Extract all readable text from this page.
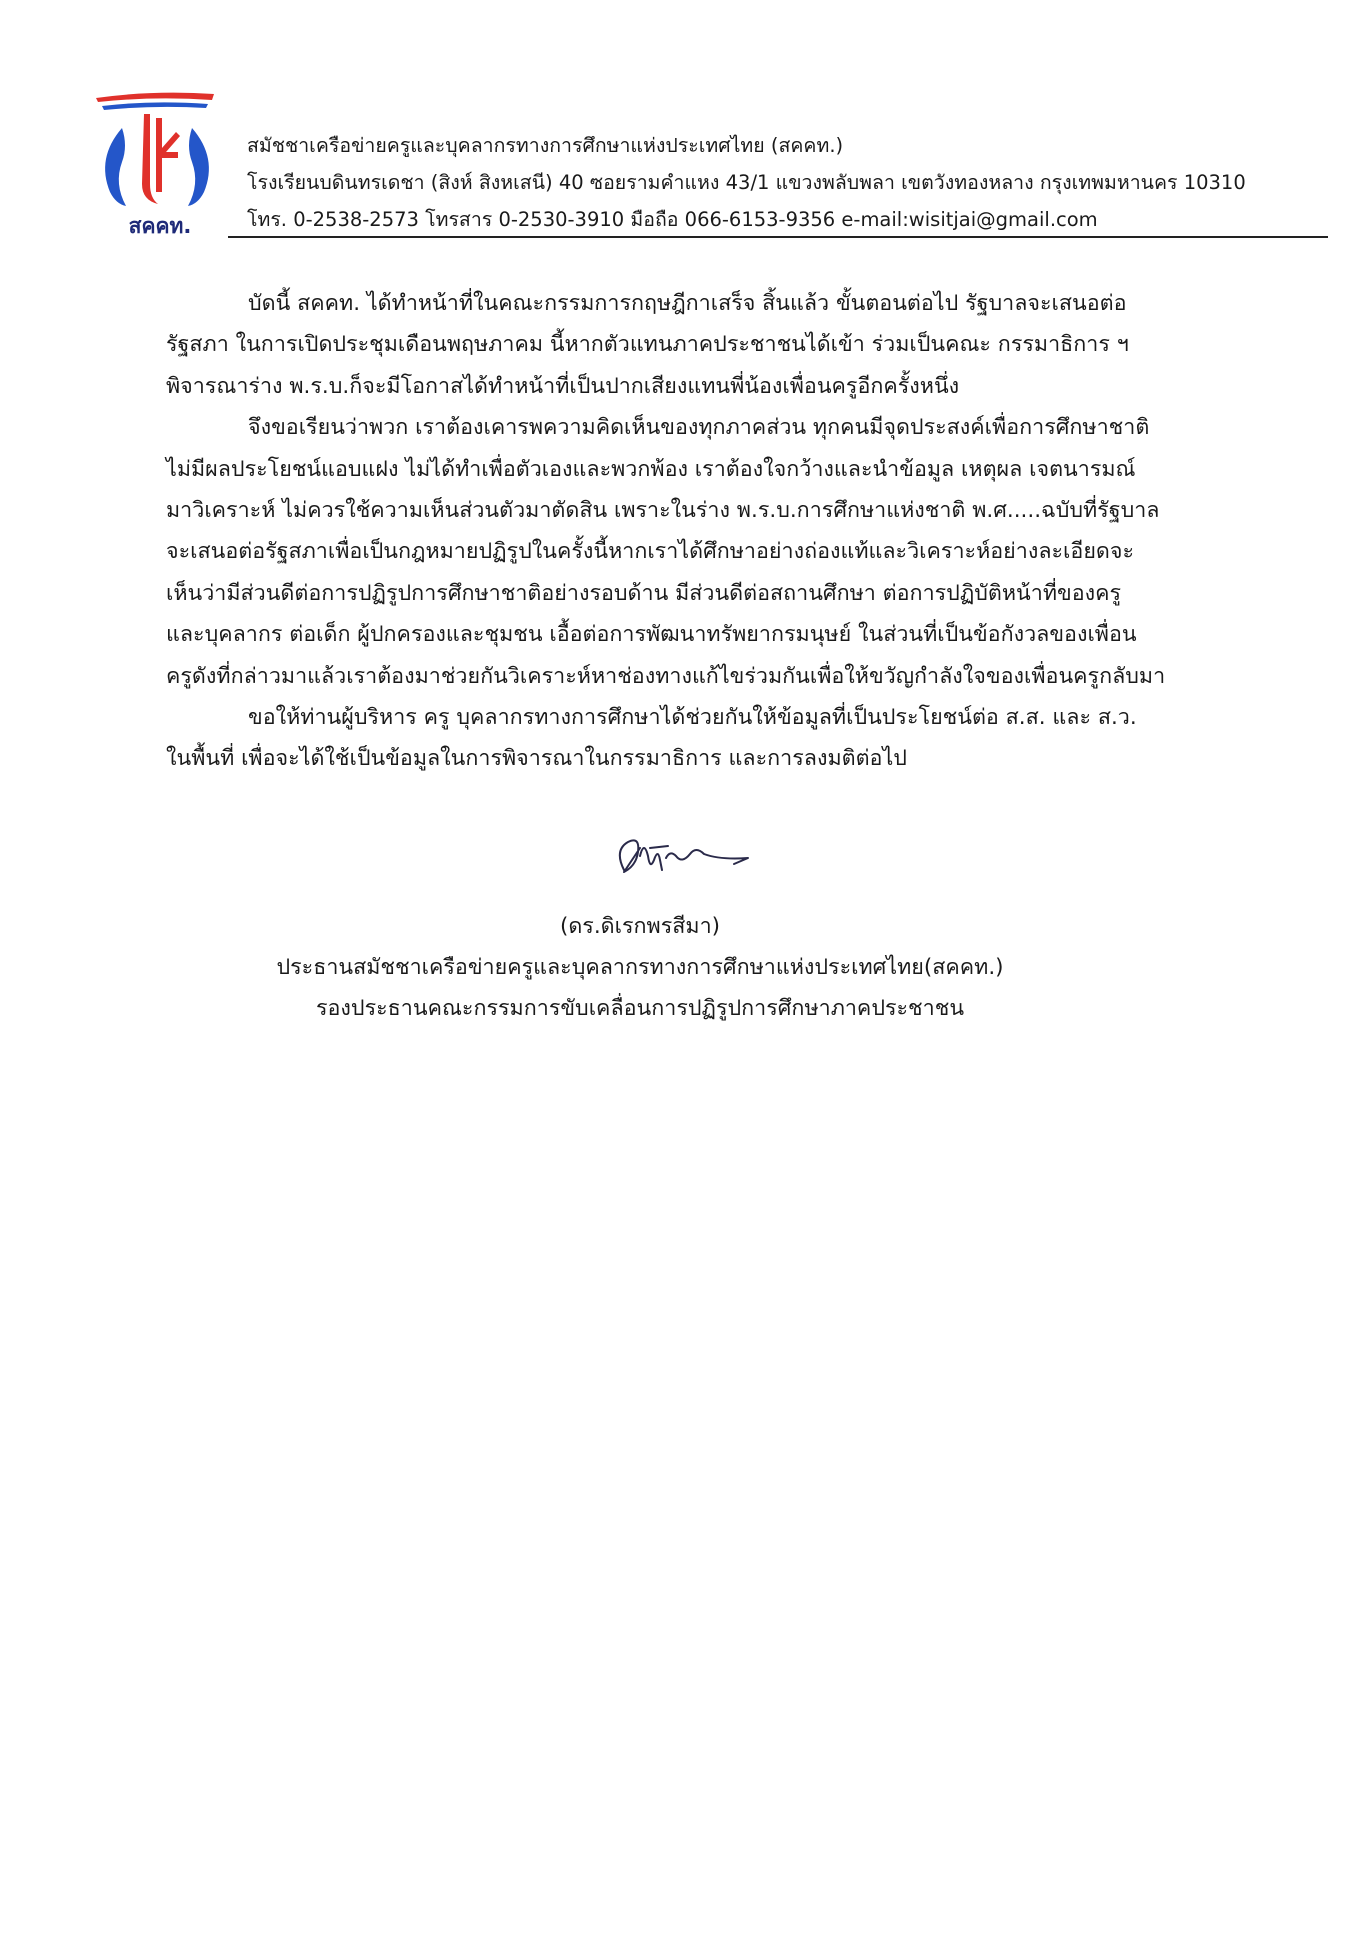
สคคท.
สมัชชาเครือข่ายครูและบุคลากรทางการศึกษาแห่งประเทศไทย (สคคท.)
โรงเรียนบดินทรเดชา (สิงห์ สิงหเสนี) 40 ซอยรามคำแหง 43/1 แขวงพลับพลา เขตวังทองหลาง กรุงเทพมหานคร 10310
โทร. 0-2538-2573 โทรสาร 0-2530-3910 มือถือ 066-6153-9356 e-mail:wisitjai@gmail.com
บัดนี้ สคคท. ได้ทำหน้าที่ในคณะกรรมการกฤษฎีกาเสร็จ สิ้นแล้ว ขั้นตอนต่อไป รัฐบาลจะเสนอต่อ
รัฐสภา ในการเปิดประชุมเดือนพฤษภาคม นี้หากตัวแทนภาคประชาชนได้เข้า ร่วมเป็นคณะ กรรมาธิการ ฯ
พิจารณาร่าง พ.ร.บ.ก็จะมีโอกาสได้ทำหน้าที่เป็นปากเสียงแทนพี่น้องเพื่อนครูอีกครั้งหนึ่ง
จึงขอเรียนว่าพวก เราต้องเคารพความคิดเห็นของทุกภาคส่วน ทุกคนมีจุดประสงค์เพื่อการศึกษาชาติ
ไม่มีผลประโยชน์แอบแฝง ไม่ได้ทำเพื่อตัวเองและพวกพ้อง เราต้องใจกว้างและนำข้อมูล เหตุผล เจตนารมณ์
มาวิเคราะห์ ไม่ควรใช้ความเห็นส่วนตัวมาตัดสิน เพราะในร่าง พ.ร.บ.การศึกษาแห่งชาติ พ.ศ.....ฉบับที่รัฐบาล
จะเสนอต่อรัฐสภาเพื่อเป็นกฎหมายปฏิรูปในครั้งนี้หากเราได้ศึกษาอย่างถ่องแท้และวิเคราะห์อย่างละเอียดจะ
เห็นว่ามีส่วนดีต่อการปฏิรูปการศึกษาชาติอย่างรอบด้าน มีส่วนดีต่อสถานศึกษา ต่อการปฏิบัติหน้าที่ของครู
และบุคลากร ต่อเด็ก ผู้ปกครองและชุมชน เอื้อต่อการพัฒนาทรัพยากรมนุษย์ ในส่วนที่เป็นข้อกังวลของเพื่อน
ครูดังที่กล่าวมาแล้วเราต้องมาช่วยกันวิเคราะห์หาช่องทางแก้ไขร่วมกันเพื่อให้ขวัญกำลังใจของเพื่อนครูกลับมา
ขอให้ท่านผู้บริหาร ครู บุคลากรทางการศึกษาได้ช่วยกันให้ข้อมูลที่เป็นประโยชน์ต่อ ส.ส. และ ส.ว.
ในพื้นที่ เพื่อจะได้ใช้เป็นข้อมูลในการพิจารณาในกรรมาธิการ และการลงมติต่อไป
(ดร.ดิเรกพรสีมา)
ประธานสมัชชาเครือข่ายครูและบุคลากรทางการศึกษาแห่งประเทศไทย(สคคท.)
รองประธานคณะกรรมการขับเคลื่อนการปฏิรูปการศึกษาภาคประชาชน
